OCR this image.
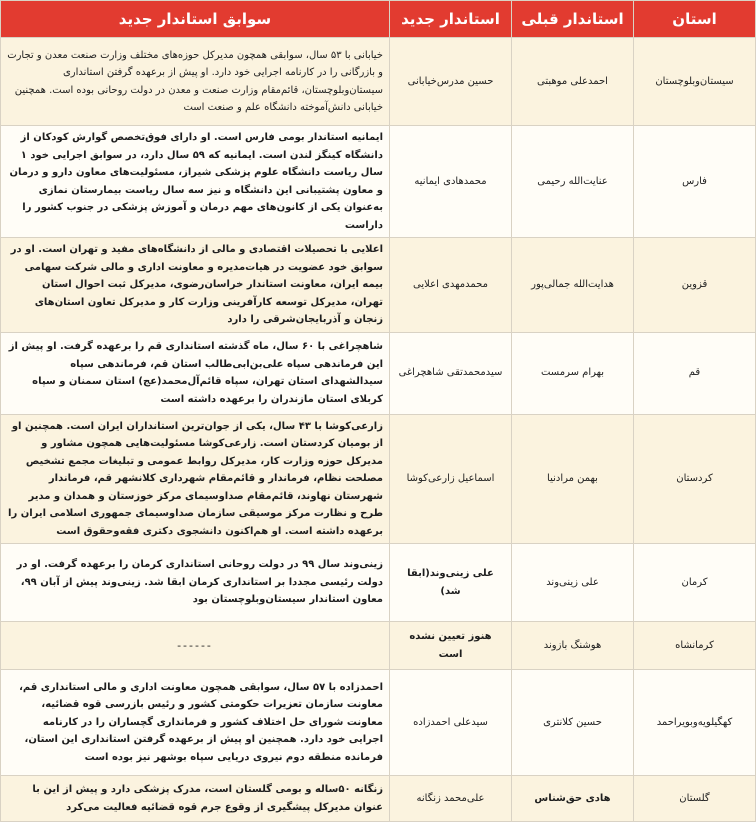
استان	استاندار قبلی	استاندار جدید	سوابق استاندار جدید
سیستان‌وبلوچستان	احمدعلی موهبتی	حسین مدرس‌خیابانی	خیابانی با ۵۳ سال، سوابقی همچون مدیرکل حوزه‌های مختلف وزارت صنعت معدن و تجارت و بازرگانی را در کارنامه اجرایی خود دارد. او پیش از برعهده گرفتن استانداری سیستان‌وبلوچستان، قائم‌مقام وزارت صنعت و معدن در دولت روحانی بوده است. همچنین خیابانی دانش‌آموخته دانشگاه علم و صنعت است
فارس	عنایت‌الله رحیمی	محمدهادی ایمانیه	ایمانیه استاندار بومی فارس است. او دارای فوق‌تخصص گوارش کودکان از دانشگاه کینگز لندن است. ایمانیه که ۵۹ سال دارد، در سوابق اجرایی خود ۱ سال ریاست دانشگاه علوم پزشکی شیراز، مسئولیت‌های معاون دارو و درمان و معاون پشتیبانی این دانشگاه و نیز سه سال ریاست بیمارستان نمازی به‌عنوان یکی از کانون‌های مهم درمان و آموزش پزشکی در جنوب کشور را داراست
قزوین	هدایت‌الله جمالی‌پور	محمدمهدی اعلایی	اعلایی با تحصیلات اقتصادی و مالی از دانشگاه‌های مفید و تهران است. او در سوابق خود عضویت در هیات‌مدیره و معاونت اداری و مالی شرکت سهامی بیمه ایران، معاونت استاندار خراسان‌رضوی، مدیرکل ثبت احوال استان تهران، مدیرکل توسعه کارآفرینی وزارت کار و مدیرکل تعاون استان‌های زنجان و آذربایجان‌شرقی را دارد
قم	بهرام سرمست	سیدمحمدتقی شاهچراغی	شاهچراغی با ۶۰ سال، ماه گذشته استانداری قم را برعهده گرفت. او پیش از این فرماندهی سپاه علی‌بن‌ابی‌طالب استان قم، فرماندهی سپاه سیدالشهدای استان تهران، سپاه قائم‌آل‌محمد(عج) استان سمنان و سپاه کربلای استان مازندران را برعهده داشته است
کردستان	بهمن مرادنیا	اسماعیل زارعی‌کوشا	زارعی‌کوشا با ۴۳ سال، یکی از جوان‌ترین استانداران ایران است. همچنین او از بومیان کردستان است. زارعی‌کوشا مسئولیت‌هایی همچون مشاور و مدیرکل حوزه وزارت کار، مدیرکل روابط عمومی و تبلیغات مجمع تشخیص مصلحت نظام، فرماندار و قائم‌مقام شهرداری کلانشهر قم، فرماندار شهرستان نهاوند، قائم‌مقام صداوسیمای مرکز خوزستان و همدان و مدیر طرح و نظارت مرکز موسیقی سازمان صداوسیمای جمهوری اسلامی ایران را برعهده داشته است. او هم‌اکنون دانشجوی دکتری فقه‌وحقوق است
کرمان	علی زینی‌وند	علی زینی‌وند(ابقا شد)	زینی‌وند سال ۹۹ در دولت روحانی استانداری کرمان را برعهده گرفت. او در دولت رئیسی مجددا بر استانداری کرمان ابقا شد. زینی‌وند پیش از آبان ۹۹، معاون استاندار سیستان‌وبلوچستان بود
کرمانشاه	هوشنگ بازوند	هنوز تعیین نشده است	------
کهگیلویه‌وبویراحمد	حسین کلانتری	سیدعلی احمدزاده	احمدزاده با ۵۷ سال، سوابقی همچون معاونت اداری و مالی استانداری قم، معاونت سازمان تعزیرات حکومتی کشور و رئیس بازرسی قوه قضائیه، معاونت شورای حل اختلاف کشور و فرمانداری گچساران را در کارنامه اجرایی خود دارد. همچنین او پیش از برعهده گرفتن استانداری این استان، فرمانده منطقه دوم نیروی دریایی سپاه بوشهر نیز بوده است
گلستان	هادی حق‌شناس	علی‌محمد زنگانه	زنگانه ۵۰ساله و بومی گلستان است، مدرک پزشکی دارد و پیش از این با عنوان مدیرکل پیشگیری از وقوع جرم قوه قضائیه فعالیت می‌کرد
